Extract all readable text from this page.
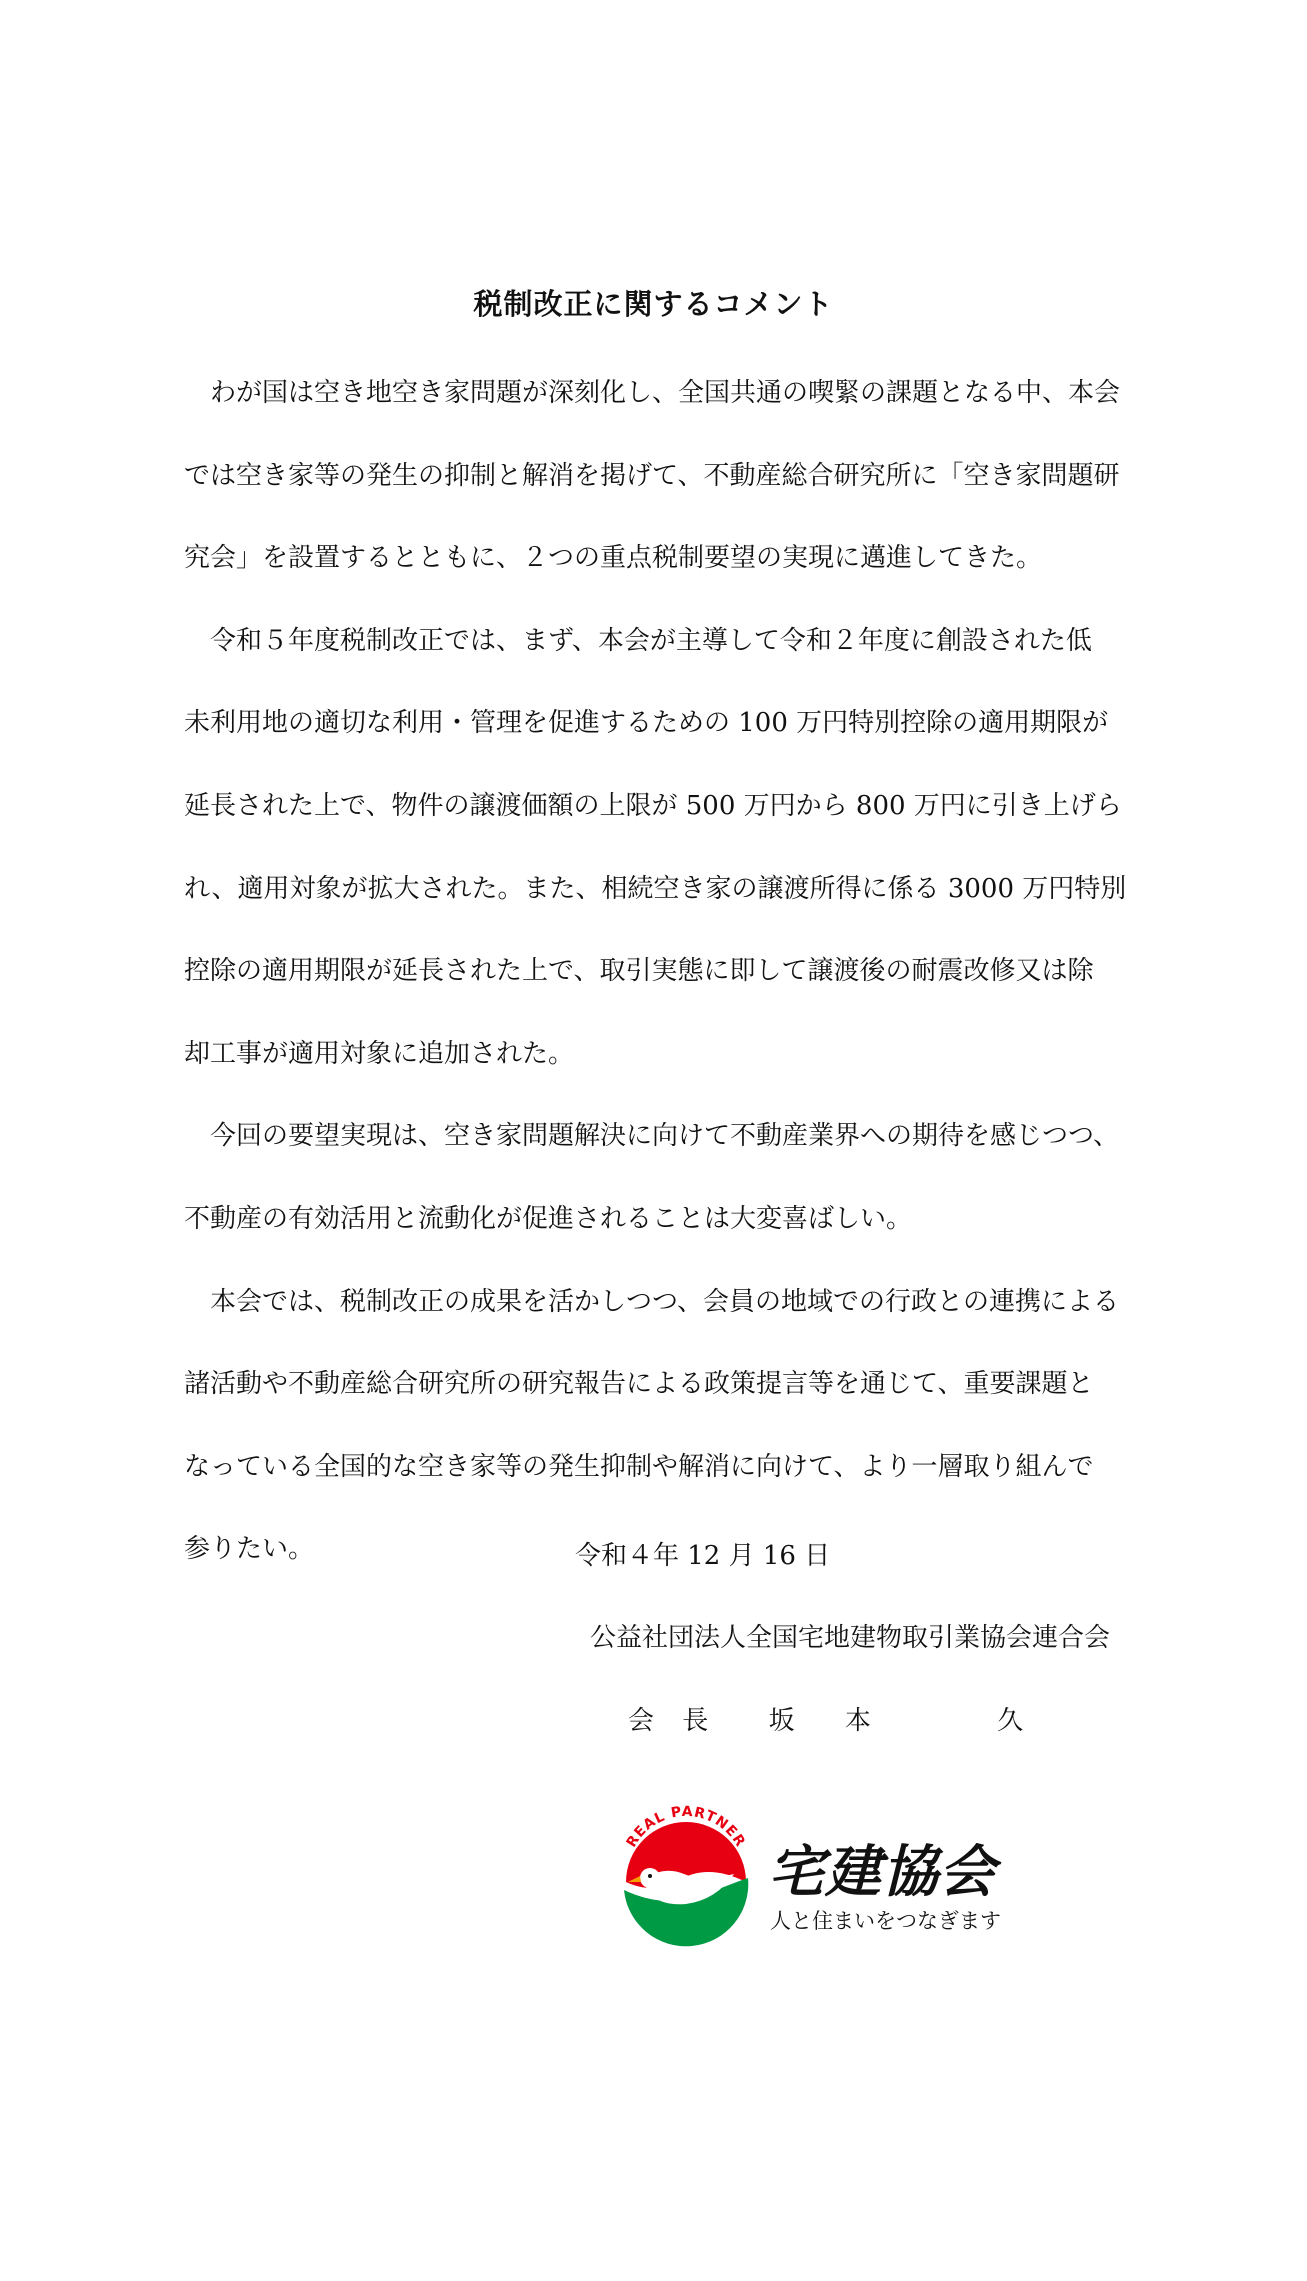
税制改正に関するコメント

わが国は空き地空き家問題が深刻化し、全国共通の喫緊の課題となる中、本会
では空き家等の発生の抑制と解消を掲げて、不動産総合研究所に「空き家問題研
究会」を設置するとともに、２つの重点税制要望の実現に邁進してきた。

令和５年度税制改正では、まず、本会が主導して令和２年度に創設された低
未利用地の適切な利用・管理を促進するための 100 万円特別控除の適用期限が
延長された上で、物件の譲渡価額の上限が 500 万円から 800 万円に引き上げら
れ、適用対象が拡大された。また、相続空き家の譲渡所得に係る 3000 万円特別
控除の適用期限が延長された上で、取引実態に即して譲渡後の耐震改修又は除
却工事が適用対象に追加された。

今回の要望実現は、空き家問題解決に向けて不動産業界への期待を感じつつ、
不動産の有効活用と流動化が促進されることは大変喜ばしい。

本会では、税制改正の成果を活かしつつ、会員の地域での行政との連携による
諸活動や不動産総合研究所の研究報告による政策提言等を通じて、重要課題と
なっている全国的な空き家等の発生抑制や解消に向けて、より一層取り組んで
参りたい。	令和４年 12 月 16 日
公益社団法人全国宅地建物取引業協会連合会
会 長 坂 本	久
REAL PARTNER 宅建協会
人と住まいをつなぎます
